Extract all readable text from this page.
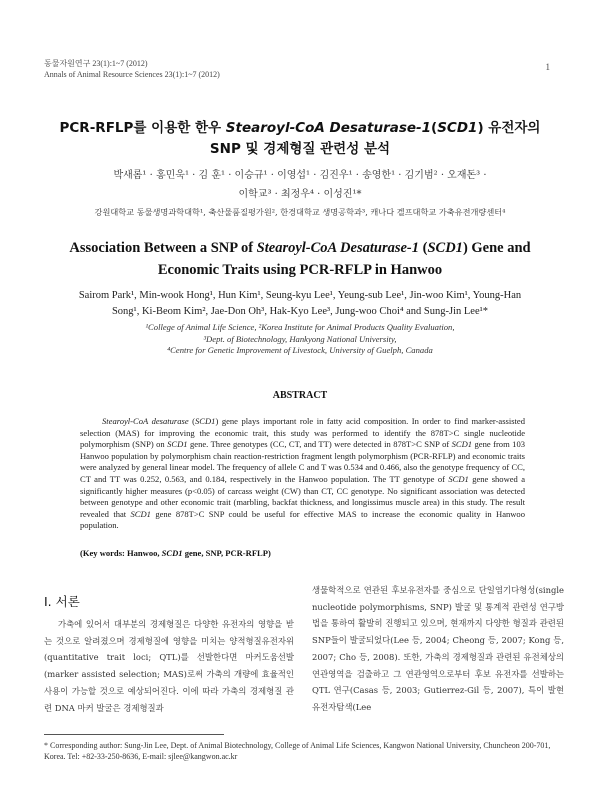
동물자원연구 23(1):1~7 (2012)
Annals of Animal Resource Sciences 23(1):1~7 (2012)
1
PCR-RFLP를 이용한 한우 Stearoyl-CoA Desaturase-1(SCD1) 유전자의
SNP 및 경제형질 관련성 분석
박새롬¹ · 홍민욱¹ · 김 훈¹ · 이승규¹ · 이영섭¹ · 김진우¹ · 송영한¹ · 김기범² · 오재돈³ ·
이학교³ · 최정우⁴ · 이성진¹*
강원대학교 동물생명과학대학¹, 축산물품질평가원², 한경대학교 생명공학과³, 캐나다 겔프대학교 가축유전개량센터⁴
Association Between a SNP of Stearoyl-CoA Desaturase-1 (SCD1) Gene and
Economic Traits using PCR-RFLP in Hanwoo
Sairom Park¹, Min-wook Hong¹, Hun Kim¹, Seung-kyu Lee¹, Yeung-sub Lee¹, Jin-woo Kim¹, Young-Han
Song¹, Ki-Beom Kim², Jae-Don Oh³, Hak-Kyo Lee³, Jung-woo Choi⁴ and Sung-Jin Lee¹*
¹College of Animal Life Science, ²Korea Institute for Animal Products Quality Evaluation,
³Dept. of Biotechnology, Hankyong National University,
⁴Centre for Genetic Improvement of Livestock, University of Guelph, Canada
ABSTRACT

Stearoyl-CoA desaturase (SCD1) gene plays important role in fatty acid composition. In order to find marker-assisted selection (MAS) for improving the economic trait, this study was performed to identify the 878T>C single nucleotide polymorphism (SNP) on SCD1 gene. Three genotypes (CC, CT, and TT) were detected in 878T>C SNP of SCD1 gene from 103 Hanwoo population by polymorphism chain reaction-restriction fragment length polymorphism (PCR-RFLP) and economic traits were analyzed by general linear model. The frequency of allele C and T was 0.534 and 0.466, also the genotype frequency of CC, CT and TT was 0.252, 0.563, and 0.184, respectively in the Hanwoo population. The TT genotype of SCD1 gene showed a significantly higher measures (p<0.05) of carcass weight (CW) than CT, CC genotype. No significant association was detected between genotype and other economic trait (marbling, backfat thickness, and longissimus muscle area) in this study. The result revealed that SCD1 gene 878T>C SNP could be useful for effective MAS to increase the economic quality in Hanwoo population.

(Key words: Hanwoo, SCD1 gene, SNP, PCR-RFLP)
I. 서론

가축에 있어서 대부분의 경제형질은 다양한 유전자의 영향을 받는 것으로 알려졌으며 경제형질에 영향을 미치는 양적형질유전자위(quantitative trait loci; QTL)를 선발한다면 마커도움선발(marker assisted selection; MAS)로써 가축의 개량에 효율적인 사용이 가능할 것으로 예상되어진다. 이에 따라 가축의 경제형질 관련 DNA 마커 발굴은 경제형질과

생물학적으로 연관된 후보유전자를 중심으로 단일염기다형성(single nucleotide polymorphisms, SNP) 발굴 및 통계적 관련성 연구방법을 통하여 활발히 진행되고 있으며, 현재까지 다양한 형질과 관련된 SNP들이 발굴되었다(Lee 등, 2004; Cheong 등, 2007; Kong 등, 2007; Cho 등, 2008). 또한, 가축의 경제형질과 관련된 유전체상의 연관영역을 검출하고 그 연관영역으로부터 후보 유전자를 선발하는 QTL 연구(Casas 등, 2003; Gutierrez-Gil 등, 2007), 특이 발현 유전자탐색(Lee

* Corresponding author: Sung-Jin Lee, Dept. of Animal Biotechnology, College of Animal Life Sciences, Kangwon National University, Chuncheon 200-701, Korea. Tel: +82-33-250-8636, E-mail: sjlee@kangwon.ac.kr
